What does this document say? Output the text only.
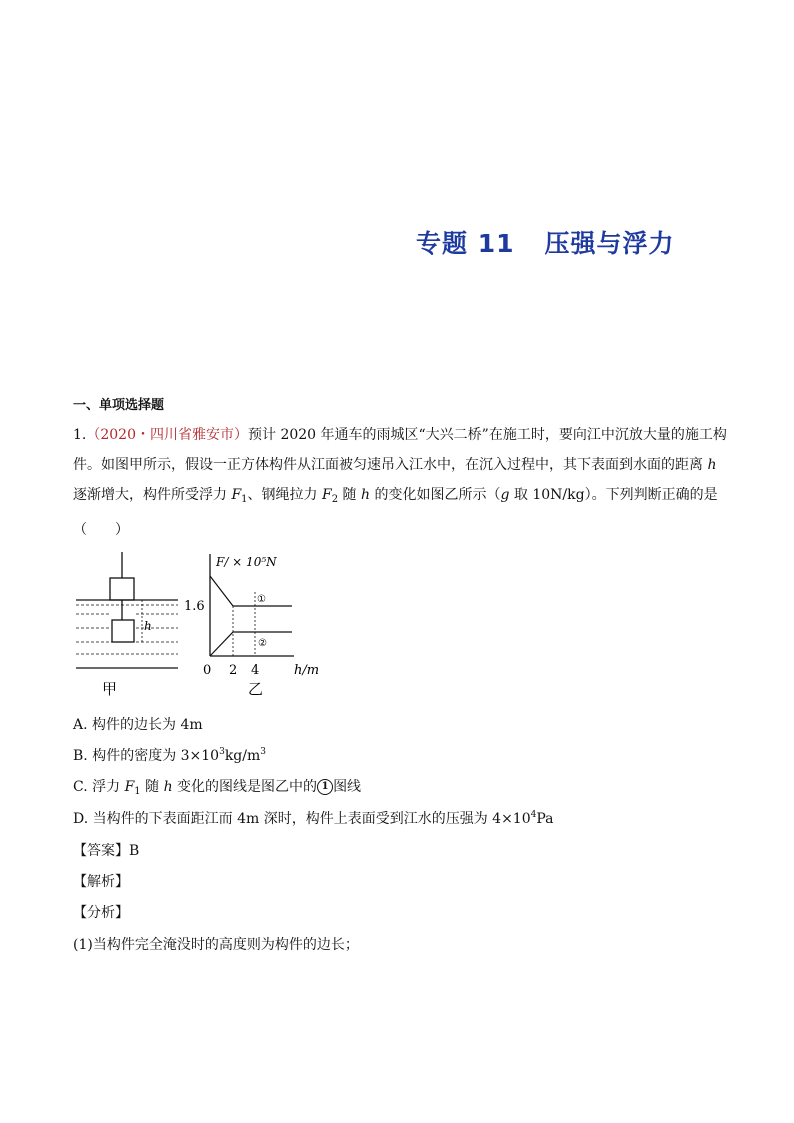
专题 11 压强与浮力
一、单项选择题
1.（2020・四川省雅安市）预计 2020 年通车的雨城区“大兴二桥”在施工时，要向江中沉放大量的施工构件。如图甲所示，假设一正方体构件从江面被匀速吊入江水中，在沉入过程中，其下表面到水面的距离 h 逐渐增大，构件所受浮力 $F_1$、钢绳拉力 $F_2$ 随 h 的变化如图乙所示（g 取 10N/kg）。下列判断正确的是（　　）
h
甲
F/ × 10⁵N
1.6	①
②
0 2 4	h/m
乙
A. 构件的边长为 4m
B. 构件的密度为 $3\times 10^3kg/m^3$
C. 浮力 $F_1$ 随 h 变化的图线是图乙中的 1 图线
D. 当构件的下表面距江而 4m 深时，构件上表面受到江水的压强为 $4\times 10^4Pa$
【答案】B
【解析】
【分析】
(1)当构件完全淹没时的高度则为构件的边长；
